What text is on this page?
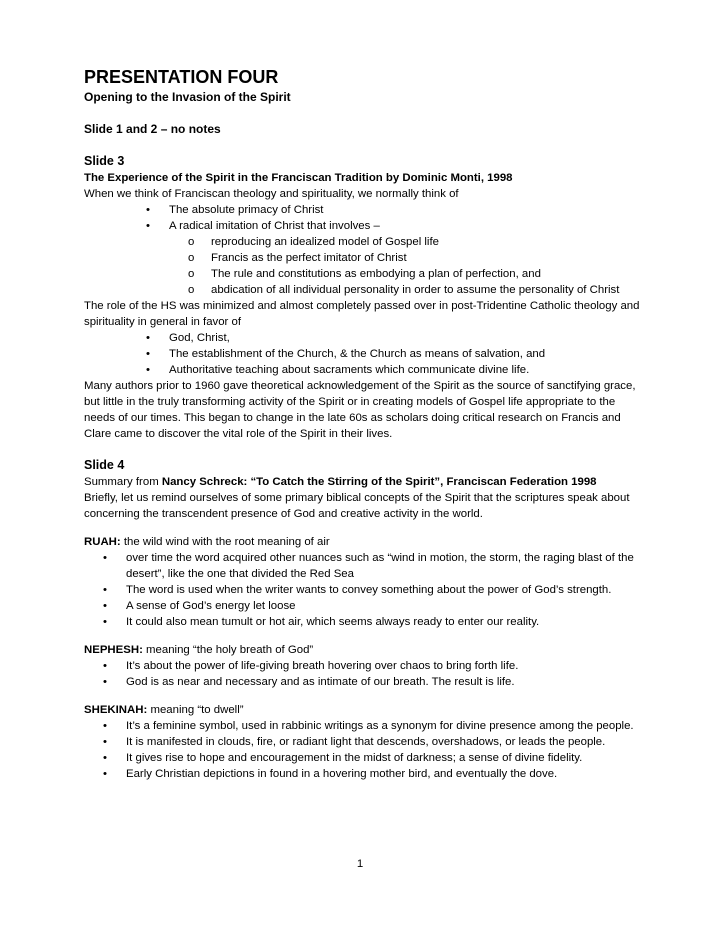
PRESENTATION FOUR

Opening to the Invasion of the Spirit

Slide 1 and 2 – no notes

Slide 3

The Experience of the Spirit in the Franciscan Tradition by Dominic Monti, 1998

When we think of Franciscan theology and spirituality, we normally think of

• The absolute primacy of Christ
• A radical imitation of Christ that involves –
o reproducing an idealized model of Gospel life
o Francis as the perfect imitator of Christ
o The rule and constitutions as embodying a plan of perfection, and
o abdication of all individual personality in order to assume the personality of Christ

The role of the HS was minimized and almost completely passed over in post-Tridentine Catholic theology and spirituality in general in favor of

• God, Christ,
• The establishment of the Church, & the Church as means of salvation, and
• Authoritative teaching about sacraments which communicate divine life.

Many authors prior to 1960 gave theoretical acknowledgement of the Spirit as the source of sanctifying grace, but little in the truly transforming activity of the Spirit or in creating models of Gospel life appropriate to the needs of our times. This began to change in the late 60s as scholars doing critical research on Francis and Clare came to discover the vital role of the Spirit in their lives.

Slide 4

Summary from Nancy Schreck: “To Catch the Stirring of the Spirit”, Franciscan Federation 1998

Briefly, let us remind ourselves of some primary biblical concepts of the Spirit that the scriptures speak about concerning the transcendent presence of God and creative activity in the world.

RUAH: the wild wind with the root meaning of air

• over time the word acquired other nuances such as “wind in motion, the storm, the raging blast of the desert”, like the one that divided the Red Sea
• The word is used when the writer wants to convey something about the power of God’s strength.
• A sense of God’s energy let loose
• It could also mean tumult or hot air, which seems always ready to enter our reality.

NEPHESH: meaning “the holy breath of God”

• It’s about the power of life-giving breath hovering over chaos to bring forth life.
• God is as near and necessary and as intimate of our breath. The result is life.

SHEKINAH: meaning “to dwell”

• It’s a feminine symbol, used in rabbinic writings as a synonym for divine presence among the people.
• It is manifested in clouds, fire, or radiant light that descends, overshadows, or leads the people.
• It gives rise to hope and encouragement in the midst of darkness; a sense of divine fidelity.
• Early Christian depictions in found in a hovering mother bird, and eventually the dove.
1
